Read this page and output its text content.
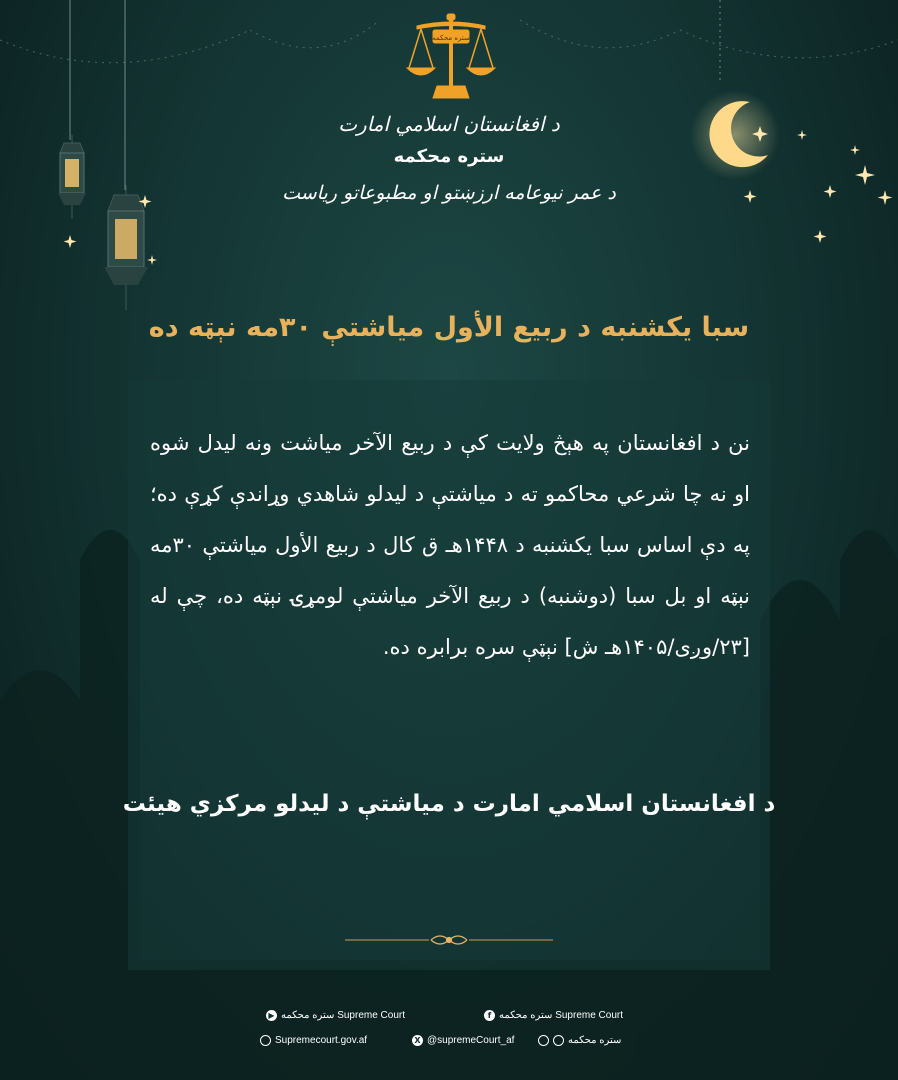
ستره محکمه
د افغانستان اسلامي امارت
ستره محكمه
د عمر نیوعامه ارزښتو او مطبوعاتو ریاست
سبا يكشنبه د ربيع الأول مياشتې ۳۰مه نېټه ده
نن د افغانستان په هېڅ ولايت کې د ربيع الآخر مياشت ونه ليدل شوه او نه چا شرعي محاكمو ته د مياشتې د ليدلو شاهدي وړاندې کړې ده؛ په دې اساس سبا يكشنبه د ۱۴۴۸هـ ق كال د ربيع الأول مياشتې ۳۰مه نېټه او بل سبا (دوشنبه) د ربيع الآخر مياشتې لومړۍ نېټه ده، چې له [۲۳/وږی/۱۴۰۵هـ ش] نېټې سره برابره ده.
د افغانستان اسلامي امارت د مياشتې د ليدلو مركزي هيئت
▶ ستره محکمه Supreme Court	f ستره محکمه Supreme Court
Supremecourt.gov.af	X @supremeCourt_af	ستره محکمه
